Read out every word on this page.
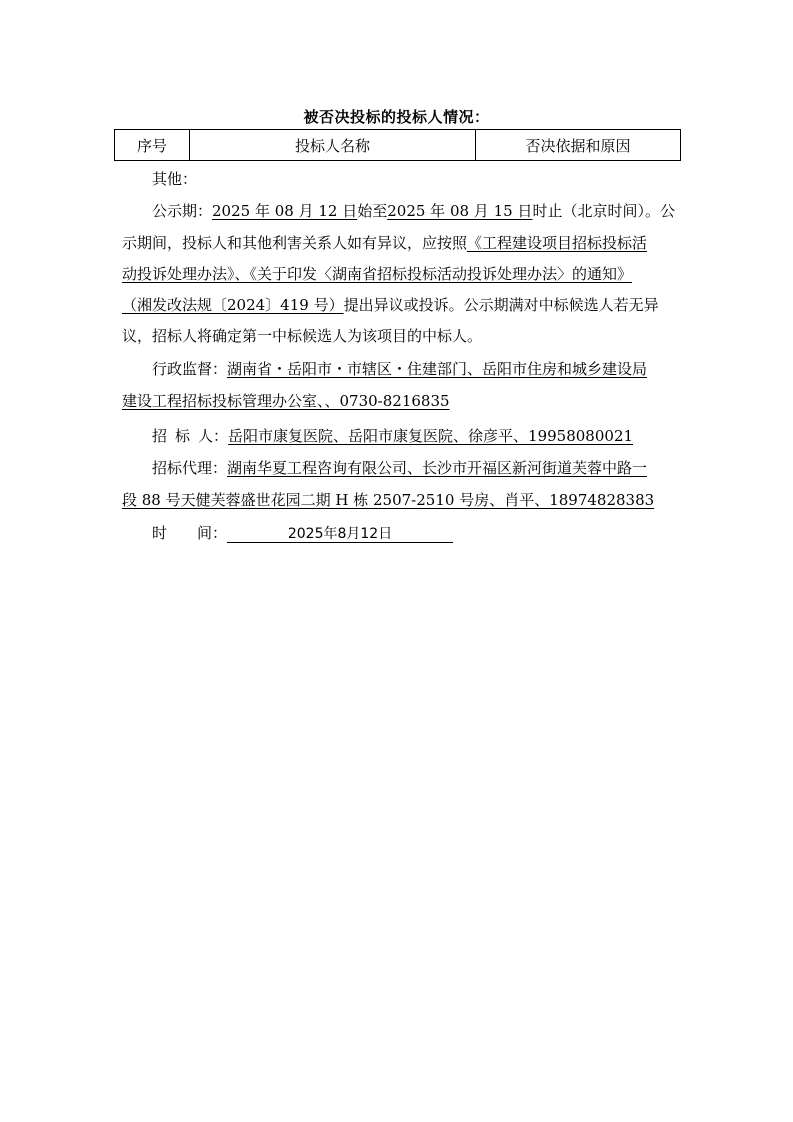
被否决投标的投标人情况：
序号	投标人名称	否决依据和原因
其他：
公示期：2025 年 08 月 12 日始至2025 年 08 月 15 日时止（北京时间）。公
示期间，投标人和其他利害关系人如有异议，应按照《工程建设项目招标投标活
动投诉处理办法》、《关于印发〈湖南省招标投标活动投诉处理办法〉的通知》
（湘发改法规〔2024〕419 号）提出异议或投诉。公示期满对中标候选人若无异
议，招标人将确定第一中标候选人为该项目的中标人。
行政监督：湖南省・岳阳市・市辖区・住建部门、岳阳市住房和城乡建设局
建设工程招标投标管理办公室、、0730-8216835
招 标 人：岳阳市康复医院、岳阳市康复医院、徐彦平、19958080021
招标代理：湖南华夏工程咨询有限公司、长沙市开福区新河街道芙蓉中路一
段 88 号天健芙蓉盛世花园二期 H 栋 2507-2510 号房、肖平、18974828383
时 间：	2025年8月12日
